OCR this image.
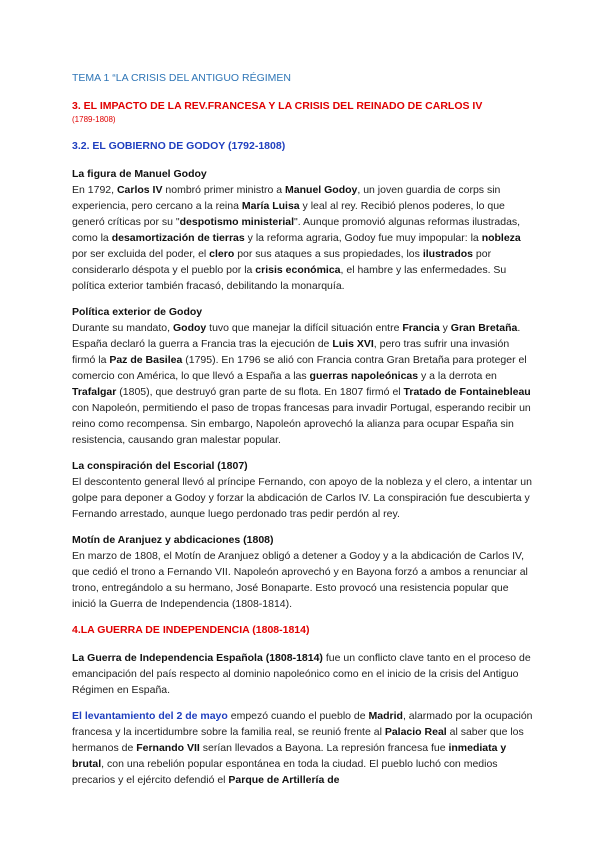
TEMA 1 “LA CRISIS DEL ANTIGUO RÉGIMEN
3. EL IMPACTO DE LA REV.FRANCESA Y LA CRISIS DEL REINADO DE CARLOS IV
(1789-1808)
3.2. EL GOBIERNO DE GODOY (1792-1808)
La figura de Manuel Godoy

En 1792, Carlos IV nombró primer ministro a Manuel Godoy, un joven guardia de corps sin experiencia, pero cercano a la reina María Luisa y leal al rey. Recibió plenos poderes, lo que generó críticas por su "despotismo ministerial". Aunque promovió algunas reformas ilustradas, como la desamortización de tierras y la reforma agraria, Godoy fue muy impopular: la nobleza por ser excluida del poder, el clero por sus ataques a sus propiedades, los ilustrados por considerarlo déspota y el pueblo por la crisis económica, el hambre y las enfermedades. Su política exterior también fracasó, debilitando la monarquía.

Política exterior de Godoy

Durante su mandato, Godoy tuvo que manejar la difícil situación entre Francia y Gran Bretaña. España declaró la guerra a Francia tras la ejecución de Luis XVI, pero tras sufrir una invasión firmó la Paz de Basilea (1795). En 1796 se alió con Francia contra Gran Bretaña para proteger el comercio con América, lo que llevó a España a las guerras napoleónicas y a la derrota en Trafalgar (1805), que destruyó gran parte de su flota. En 1807 firmó el Tratado de Fontainebleau con Napoleón, permitiendo el paso de tropas francesas para invadir Portugal, esperando recibir un reino como recompensa. Sin embargo, Napoleón aprovechó la alianza para ocupar España sin resistencia, causando gran malestar popular.

La conspiración del Escorial (1807)

El descontento general llevó al príncipe Fernando, con apoyo de la nobleza y el clero, a intentar un golpe para deponer a Godoy y forzar la abdicación de Carlos IV. La conspiración fue descubierta y Fernando arrestado, aunque luego perdonado tras pedir perdón al rey.

Motín de Aranjuez y abdicaciones (1808)

En marzo de 1808, el Motín de Aranjuez obligó a detener a Godoy y a la abdicación de Carlos IV, que cedió el trono a Fernando VII. Napoleón aprovechó y en Bayona forzó a ambos a renunciar al trono, entregándolo a su hermano, José Bonaparte. Esto provocó una resistencia popular que inició la Guerra de Independencia (1808-1814).

4.LA GUERRA DE INDEPENDENCIA (1808-1814)

La Guerra de Independencia Española (1808-1814) fue un conflicto clave tanto en el proceso de emancipación del país respecto al dominio napoleónico como en el inicio de la crisis del Antiguo Régimen en España.

El levantamiento del 2 de mayo empezó cuando el pueblo de Madrid, alarmado por la ocupación francesa y la incertidumbre sobre la familia real, se reunió frente al Palacio Real al saber que los hermanos de Fernando VII serían llevados a Bayona. La represión francesa fue inmediata y brutal, con una rebelión popular espontánea en toda la ciudad. El pueblo luchó con medios precarios y el ejército defendió el Parque de Artillería de
